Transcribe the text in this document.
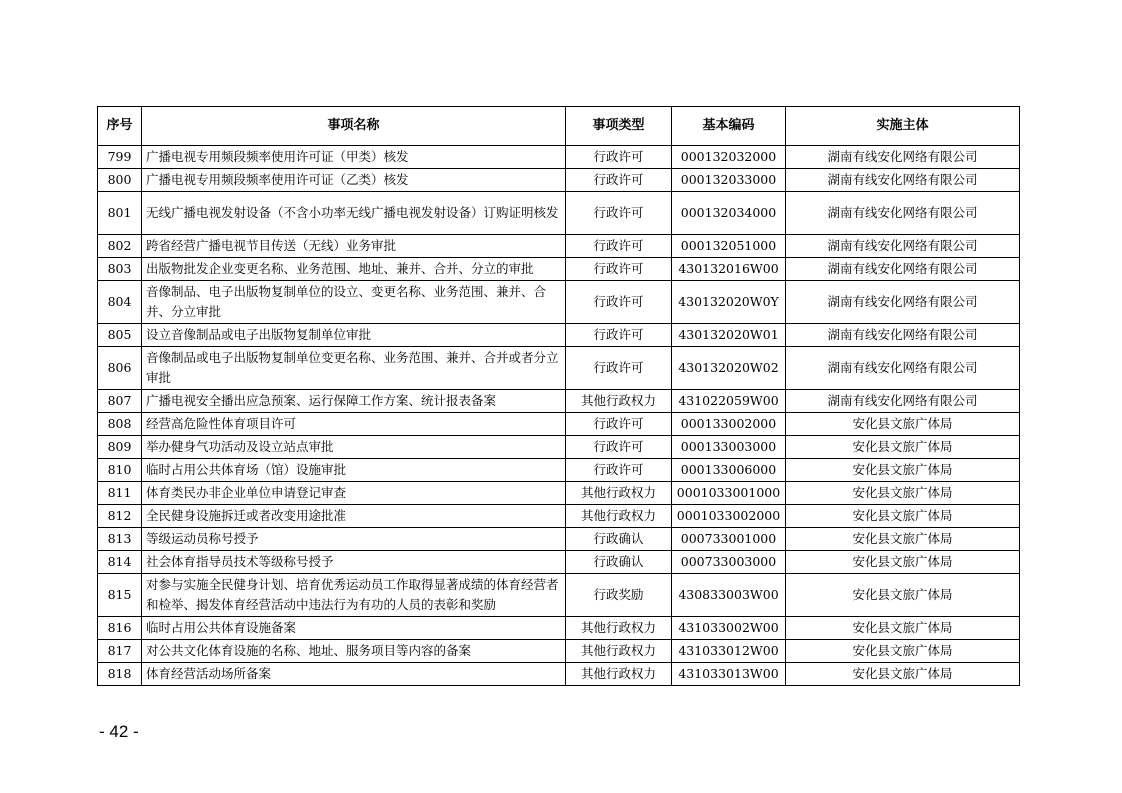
序号	事项名称	事项类型	基本编码	实施主体
799	广播电视专用频段频率使用许可证（甲类）核发	行政许可	000132032000	湖南有线安化网络有限公司
800	广播电视专用频段频率使用许可证（乙类）核发	行政许可	000132033000	湖南有线安化网络有限公司
801	无线广播电视发射设备（不含小功率无线广播电视发射设备）订购证明核发	行政许可	000132034000	湖南有线安化网络有限公司
802	跨省经营广播电视节目传送（无线）业务审批	行政许可	000132051000	湖南有线安化网络有限公司
803	出版物批发企业变更名称、业务范围、地址、兼并、合并、分立的审批	行政许可	430132016W00	湖南有线安化网络有限公司
804	音像制品、电子出版物复制单位的设立、变更名称、业务范围、兼并、合并、分立审批	行政许可	430132020W0Y	湖南有线安化网络有限公司
805	设立音像制品或电子出版物复制单位审批	行政许可	430132020W01	湖南有线安化网络有限公司
806	音像制品或电子出版物复制单位变更名称、业务范围、兼并、合并或者分立审批	行政许可	430132020W02	湖南有线安化网络有限公司
807	广播电视安全播出应急预案、运行保障工作方案、统计报表备案	其他行政权力	431022059W00	湖南有线安化网络有限公司
808	经营高危险性体育项目许可	行政许可	000133002000	安化县文旅广体局
809	举办健身气功活动及设立站点审批	行政许可	000133003000	安化县文旅广体局
810	临时占用公共体育场（馆）设施审批	行政许可	000133006000	安化县文旅广体局
811	体育类民办非企业单位申请登记审查	其他行政权力	0001033001000	安化县文旅广体局
812	全民健身设施拆迁或者改变用途批准	其他行政权力	0001033002000	安化县文旅广体局
813	等级运动员称号授予	行政确认	000733001000	安化县文旅广体局
814	社会体育指导员技术等级称号授予	行政确认	000733003000	安化县文旅广体局
815	对参与实施全民健身计划、培育优秀运动员工作取得显著成绩的体育经营者和检举、揭发体育经营活动中违法行为有功的人员的表彰和奖励	行政奖励	430833003W00	安化县文旅广体局
816	临时占用公共体育设施备案	其他行政权力	431033002W00	安化县文旅广体局
817	对公共文化体育设施的名称、地址、服务项目等内容的备案	其他行政权力	431033012W00	安化县文旅广体局
818	体育经营活动场所备案	其他行政权力	431033013W00	安化县文旅广体局
- 42 -
